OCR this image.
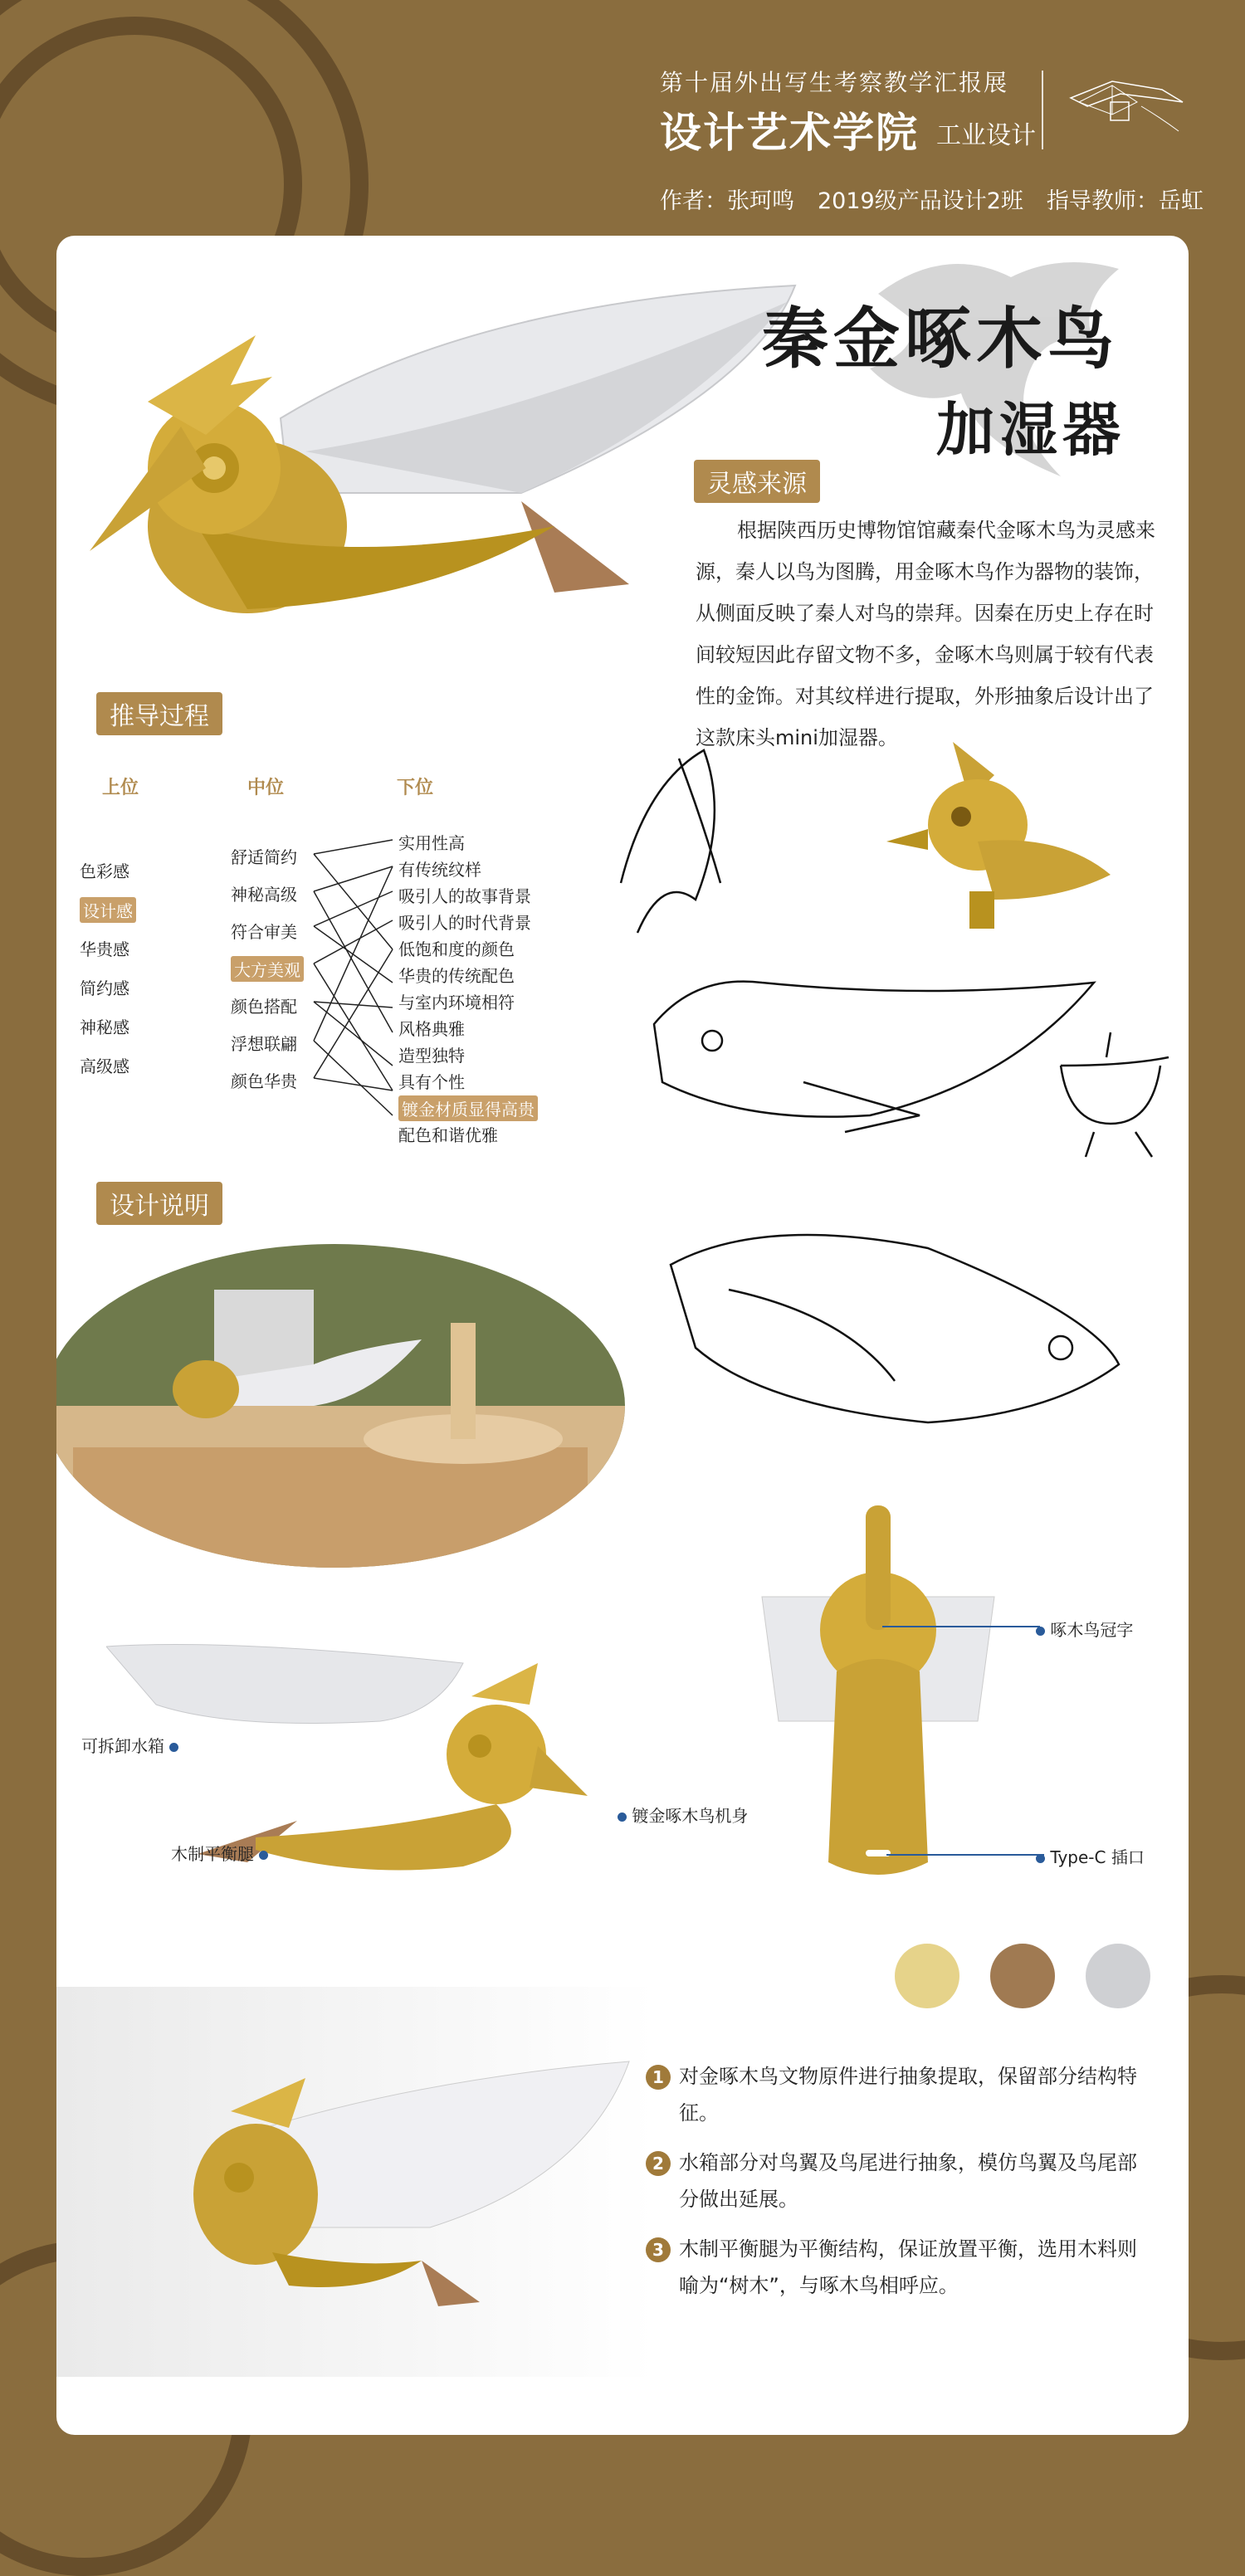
第十届外出写生考察教学汇报展
设计艺术学院 工业设计
作者：张珂鸣 2019级产品设计2班 指导教师：岳虹
秦金啄木鸟
加湿器
灵感来源
根据陕西历史博物馆馆藏秦代金啄木鸟为灵感来源，秦人以鸟为图腾，用金啄木鸟作为器物的装饰，从侧面反映了秦人对鸟的崇拜。因秦在历史上存在时间较短因此存留文物不多，金啄木鸟则属于较有代表性的金饰。对其纹样进行提取，外形抽象后设计出了这款床头mini加湿器。
推导过程
上位	中位	下位
色彩感
设计感
华贵感
简约感
神秘感
高级感
舒适简约
神秘高级
符合审美
大方美观
颜色搭配
浮想联翩
颜色华贵
实用性高
有传统纹样
吸引人的故事背景
吸引人的时代背景
低饱和度的颜色
华贵的传统配色
与室内环境相符
风格典雅
造型独特
具有个性
镀金材质显得高贵
配色和谐优雅
设计说明
可拆卸水箱
木制平衡腿
镀金啄木鸟机身
啄木鸟冠字
Type-C 插口
1 对金啄木鸟文物原件进行抽象提取，保留部分结构特征。
2 水箱部分对鸟翼及鸟尾进行抽象，模仿鸟翼及鸟尾部分做出延展。
3 木制平衡腿为平衡结构，保证放置平衡，选用木料则喻为“树木”，与啄木鸟相呼应。
